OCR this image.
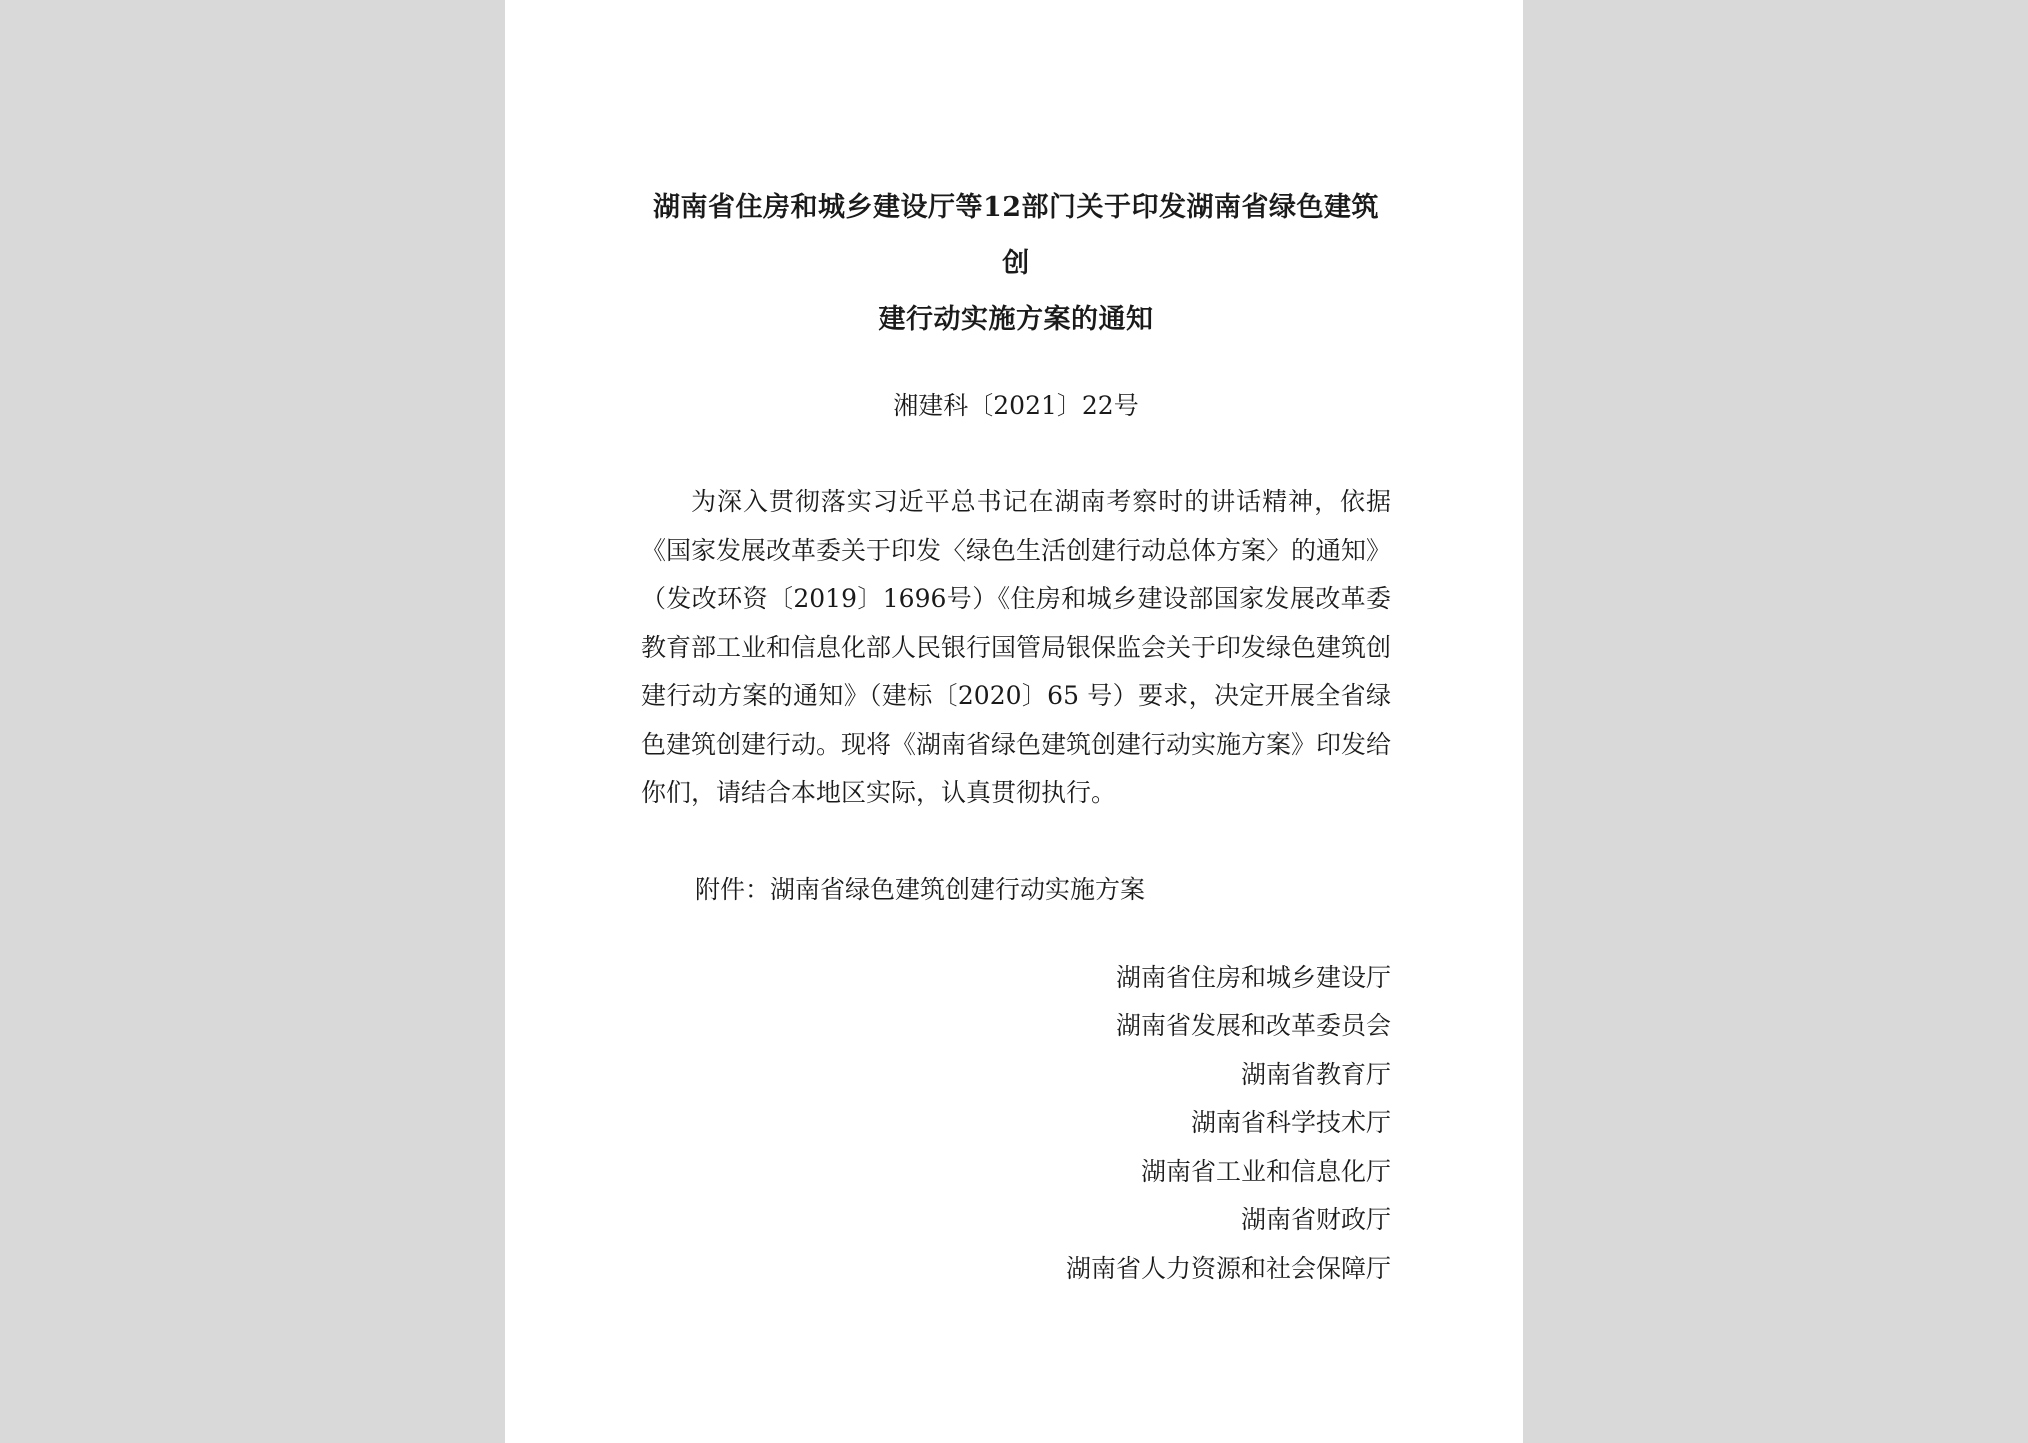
湖南省住房和城乡建设厅等12部门关于印发湖南省绿色建筑创
建行动实施方案的通知

湘建科〔2021〕22号

为深入贯彻落实习近平总书记在湖南考察时的讲话精神，依据《国家发展改革委关于印发〈绿色生活创建行动总体方案〉的通知》（发改环资〔2019〕1696号）《住房和城乡建设部国家发展改革委教育部工业和信息化部人民银行国管局银保监会关于印发绿色建筑创建行动方案的通知》（建标〔2020〕65 号）要求，决定开展全省绿色建筑创建行动。现将《湖南省绿色建筑创建行动实施方案》印发给你们，请结合本地区实际，认真贯彻执行。

附件：湖南省绿色建筑创建行动实施方案

湖南省住房和城乡建设厅
湖南省发展和改革委员会
湖南省教育厅
湖南省科学技术厅
湖南省工业和信息化厅
湖南省财政厅
湖南省人力资源和社会保障厅
